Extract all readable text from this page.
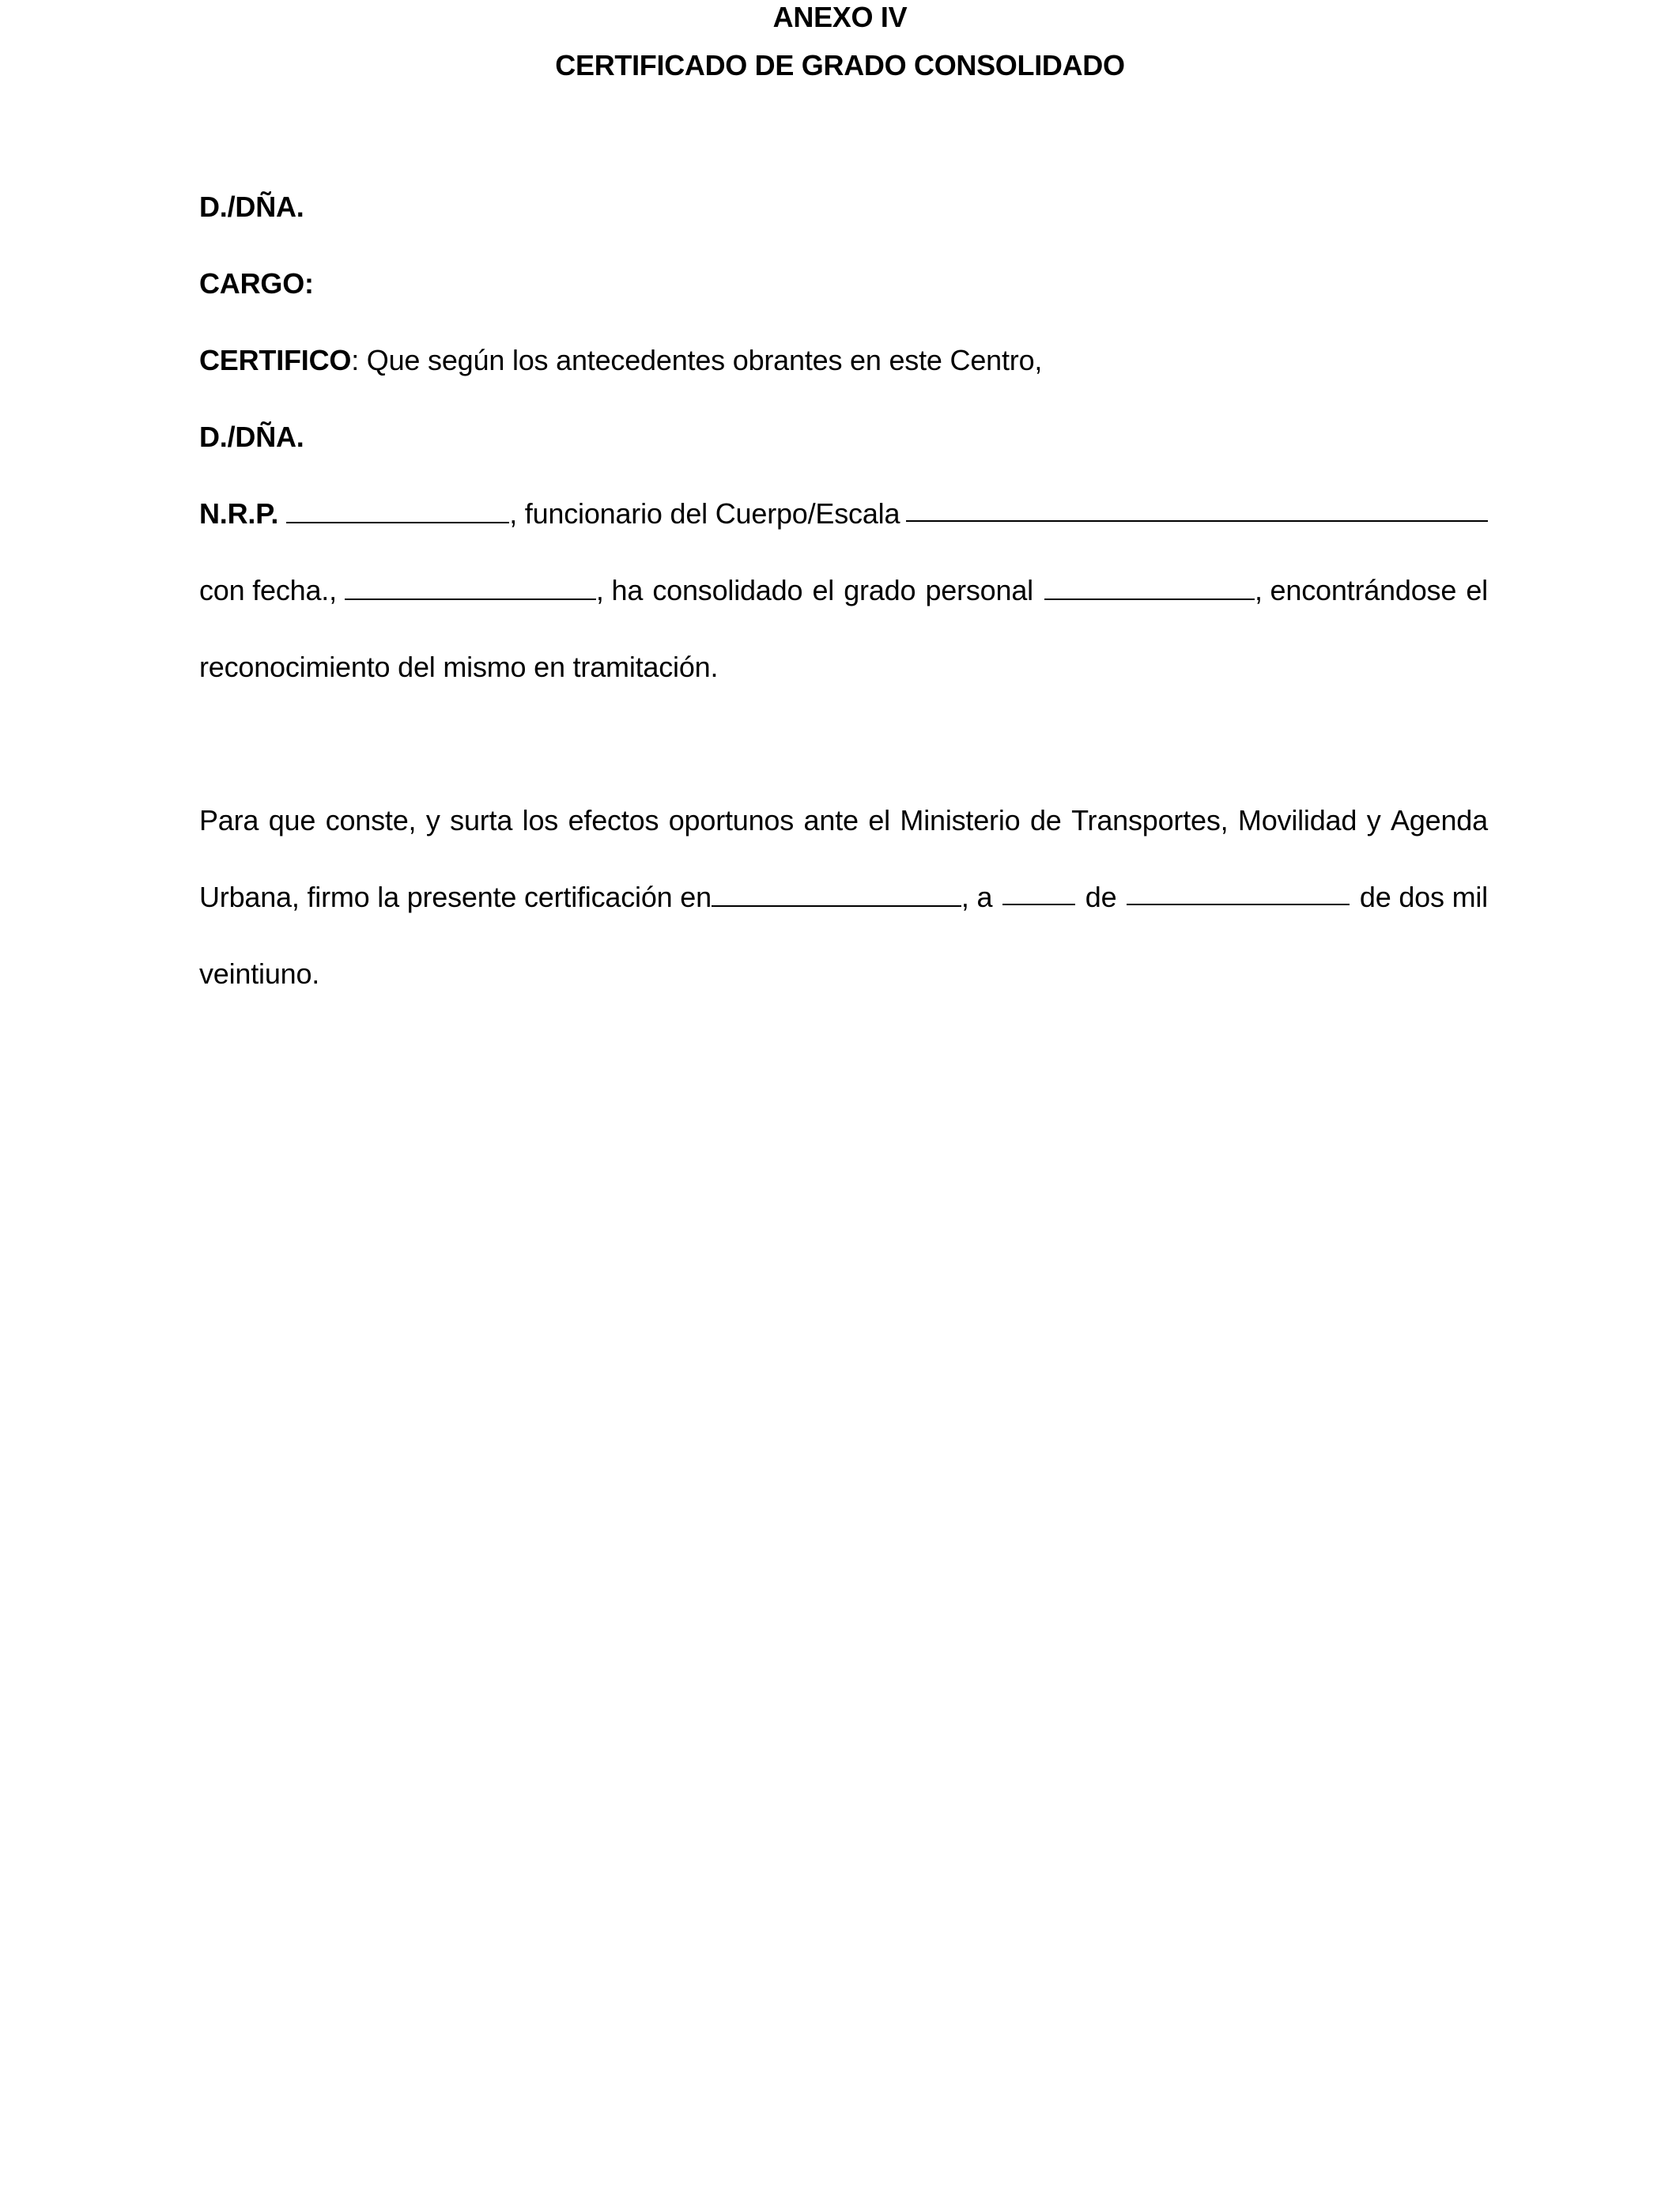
ANEXO IV
CERTIFICADO DE GRADO CONSOLIDADO
D./DÑA.
CARGO:
CERTIFICO: Que según los antecedentes obrantes en este Centro,
D./DÑA.
N.R.P.	, funcionario del Cuerpo/Escala
con fecha.,	, ha consolidado el grado personal	, encontrándose el
reconocimiento del mismo en tramitación.
Para que conste, y surta los efectos oportunos ante el Ministerio de Transportes, Movilidad y Agenda
Urbana, firmo la presente certificación en	, a	de	de dos mil
veintiuno.
